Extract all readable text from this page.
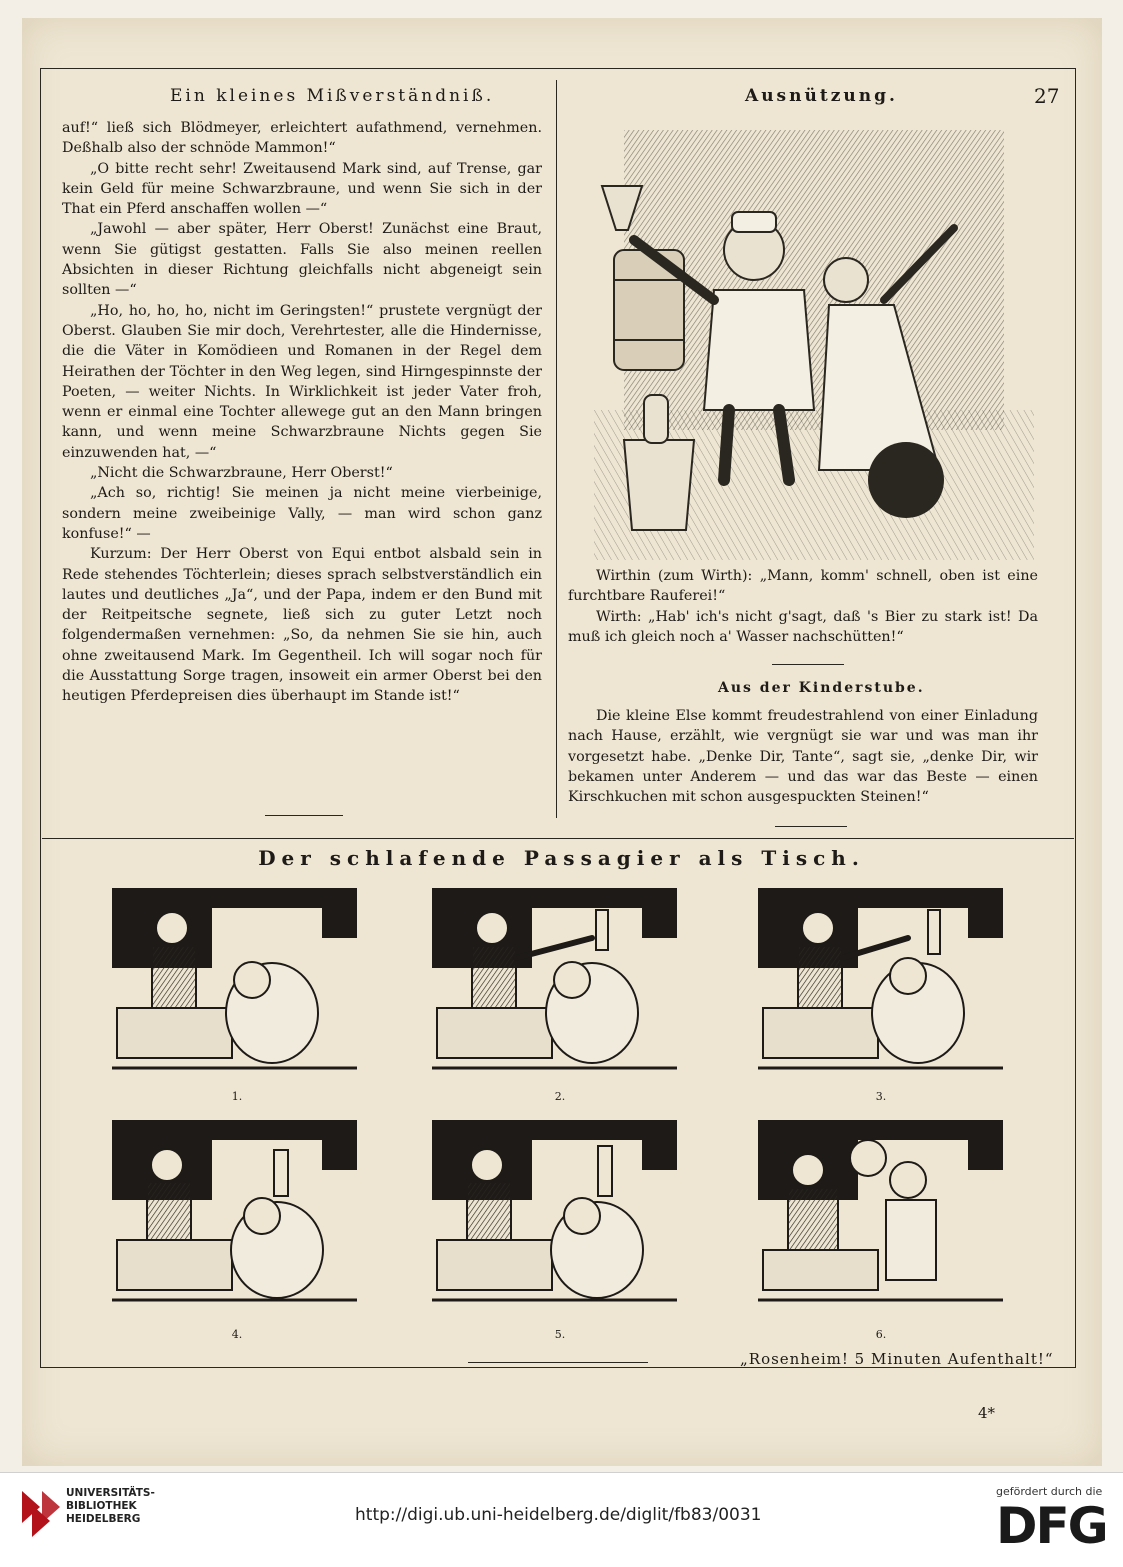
Ein kleines Mißverständniß.	Ausnützung.	27

auf!“ ließ sich Blödmeyer, erleichtert aufathmend, vernehmen. Deßhalb also der schnöde Mammon!“

„O bitte recht sehr! Zweitausend Mark sind, auf Trense, gar kein Geld für meine Schwarzbraune, und wenn Sie sich in der That ein Pferd anschaffen wollen —“

„Jawohl — aber später, Herr Oberst! Zunächst eine Braut, wenn Sie gütigst gestatten. Falls Sie also meinen reellen Absichten in dieser Richtung gleichfalls nicht abgeneigt sein sollten —“

„Ho, ho, ho, ho, nicht im Geringsten!“ prustete vergnügt der Oberst. Glauben Sie mir doch, Verehrtester, alle die Hindernisse, die die Väter in Komödieen und Romanen in der Regel dem Heirathen der Töchter in den Weg legen, sind Hirngespinnste der Poeten, — weiter Nichts. In Wirklichkeit ist jeder Vater froh, wenn er einmal eine Tochter allewege gut an den Mann bringen kann, und wenn meine Schwarzbraune Nichts gegen Sie einzuwenden hat, —“

„Nicht die Schwarzbraune, Herr Oberst!“

„Ach so, richtig! Sie meinen ja nicht meine vierbeinige, sondern meine zweibeinige Vally, — man wird schon ganz konfuse!“ —

Kurzum: Der Herr Oberst von Equi entbot alsbald sein in Rede stehendes Töchterlein; dieses sprach selbstverständlich ein lautes und deutliches „Ja“, und der Papa, indem er den Bund mit der Reitpeitsche segnete, ließ sich zu guter Letzt noch folgendermaßen vernehmen: „So, da nehmen Sie sie hin, auch ohne zweitausend Mark. Im Gegentheil. Ich will sogar noch für die Ausstattung Sorge tragen, insoweit ein armer Oberst bei den heutigen Pferdepreisen dies überhaupt im Stande ist!“

Wirthin (zum Wirth): „Mann, komm' schnell, oben ist eine furchtbare Rauferei!“

Wirth: „Hab' ich's nicht g'sagt, daß 's Bier zu stark ist! Da muß ich gleich noch a' Wasser nachschütten!“

Aus der Kinderstube.

Die kleine Else kommt freudestrahlend von einer Einladung nach Hause, erzählt, wie vergnügt sie war und was man ihr vorgesetzt habe. „Denke Dir, Tante“, sagt sie, „denke Dir, wir bekamen unter Anderem — und das war das Beste — einen Kirschkuchen mit schon ausgespuckten Steinen!“

Der schlafende Passagier als Tisch.
1.	2.	3.
4.	5.	6.
„Rosenheim! 5 Minuten Aufenthalt!“
4*
UNIVERSITÄTS-
BIBLIOTHEK
HEIDELBERG	http://digi.ub.uni-heidelberg.de/diglit/fb83/0031
gefördert durch die
DFG
